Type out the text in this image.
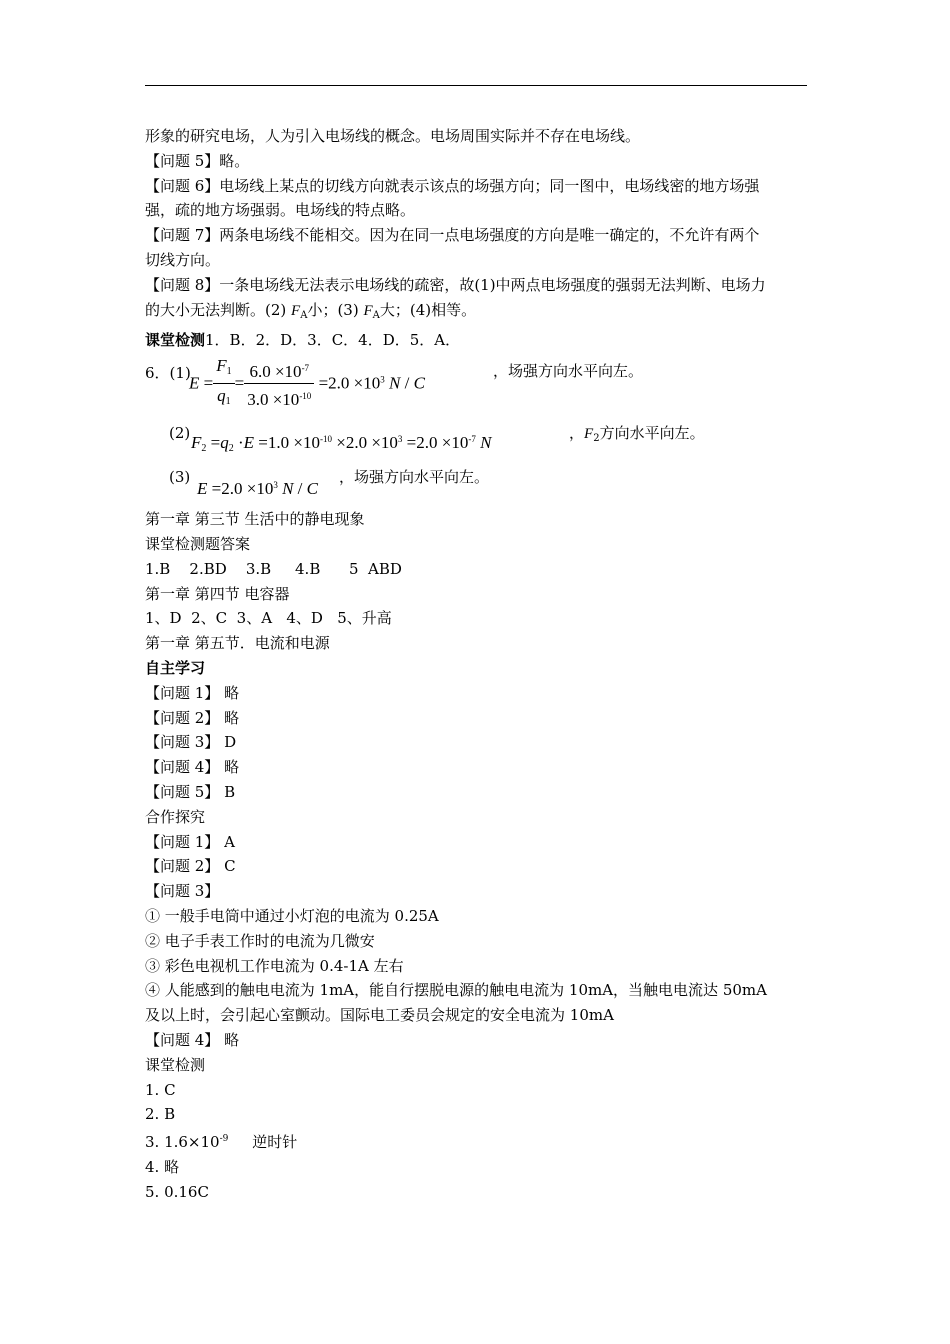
形象的研究电场，人为引入电场线的概念。电场周围实际并不存在电场线。

【问题 5】略。

【问题 6】电场线上某点的切线方向就表示该点的场强方向；同一图中，电场线密的地方场强

强，疏的地方场强弱。电场线的特点略。

【问题 7】两条电场线不能相交。因为在同一点电场强度的方向是唯一确定的，不允许有两个

切线方向。

【问题 8】一条电场线无法表示电场线的疏密，故(1)中两点电场强度的强弱无法判断、电场力

的大小无法判断。(2) $F_A$小；(3) $F_A$大；(4)相等。

课堂检测1．B．2．D．3．C．4．D．5．A．

6．(1)
$E = \frac{F_1}{q_1} = \frac{6.0 \times 10^{-7}}{3.0 \times 10^{-10}} =2.0 \times 10^3$ N / C
，场强方向水平向左。
(2) $F_2 =q_2 \cdot E =1.0 \times 10^{-10} \times 2.0 \times 10^3 =2.0 \times 10^{-7}$ N	，$F_2$方向水平向左。
(3)
$E =2.0 \times 10^3$ N / C
，场强方向水平向左。

第一章 第三节 生活中的静电现象

课堂检测题答案

1.B    2.BD    3.B     4.B      5  ABD

第一章 第四节 电容器

1、D  2、C  3、A   4、D   5、升高

第一章 第五节．电流和电源

自主学习

【问题 1】 略

【问题 2】 略

【问题 3】 D

【问题 4】 略

【问题 5】 B

合作探究

【问题 1】 A

【问题 2】 C

【问题 3】

① 一般手电筒中通过小灯泡的电流为 0.25A

② 电子手表工作时的电流为几微安

③ 彩色电视机工作电流为 0.4-1A 左右

④ 人能感到的触电电流为 1mA，能自行摆脱电源的触电电流为 10mA，当触电电流达 50mA

及以上时，会引起心室颤动。国际电工委员会规定的安全电流为 10mA

【问题 4】 略

课堂检测

1. C

2. B

3. $1.6\times 10^{-9}$     逆时针

4. 略

5. 0.16C
